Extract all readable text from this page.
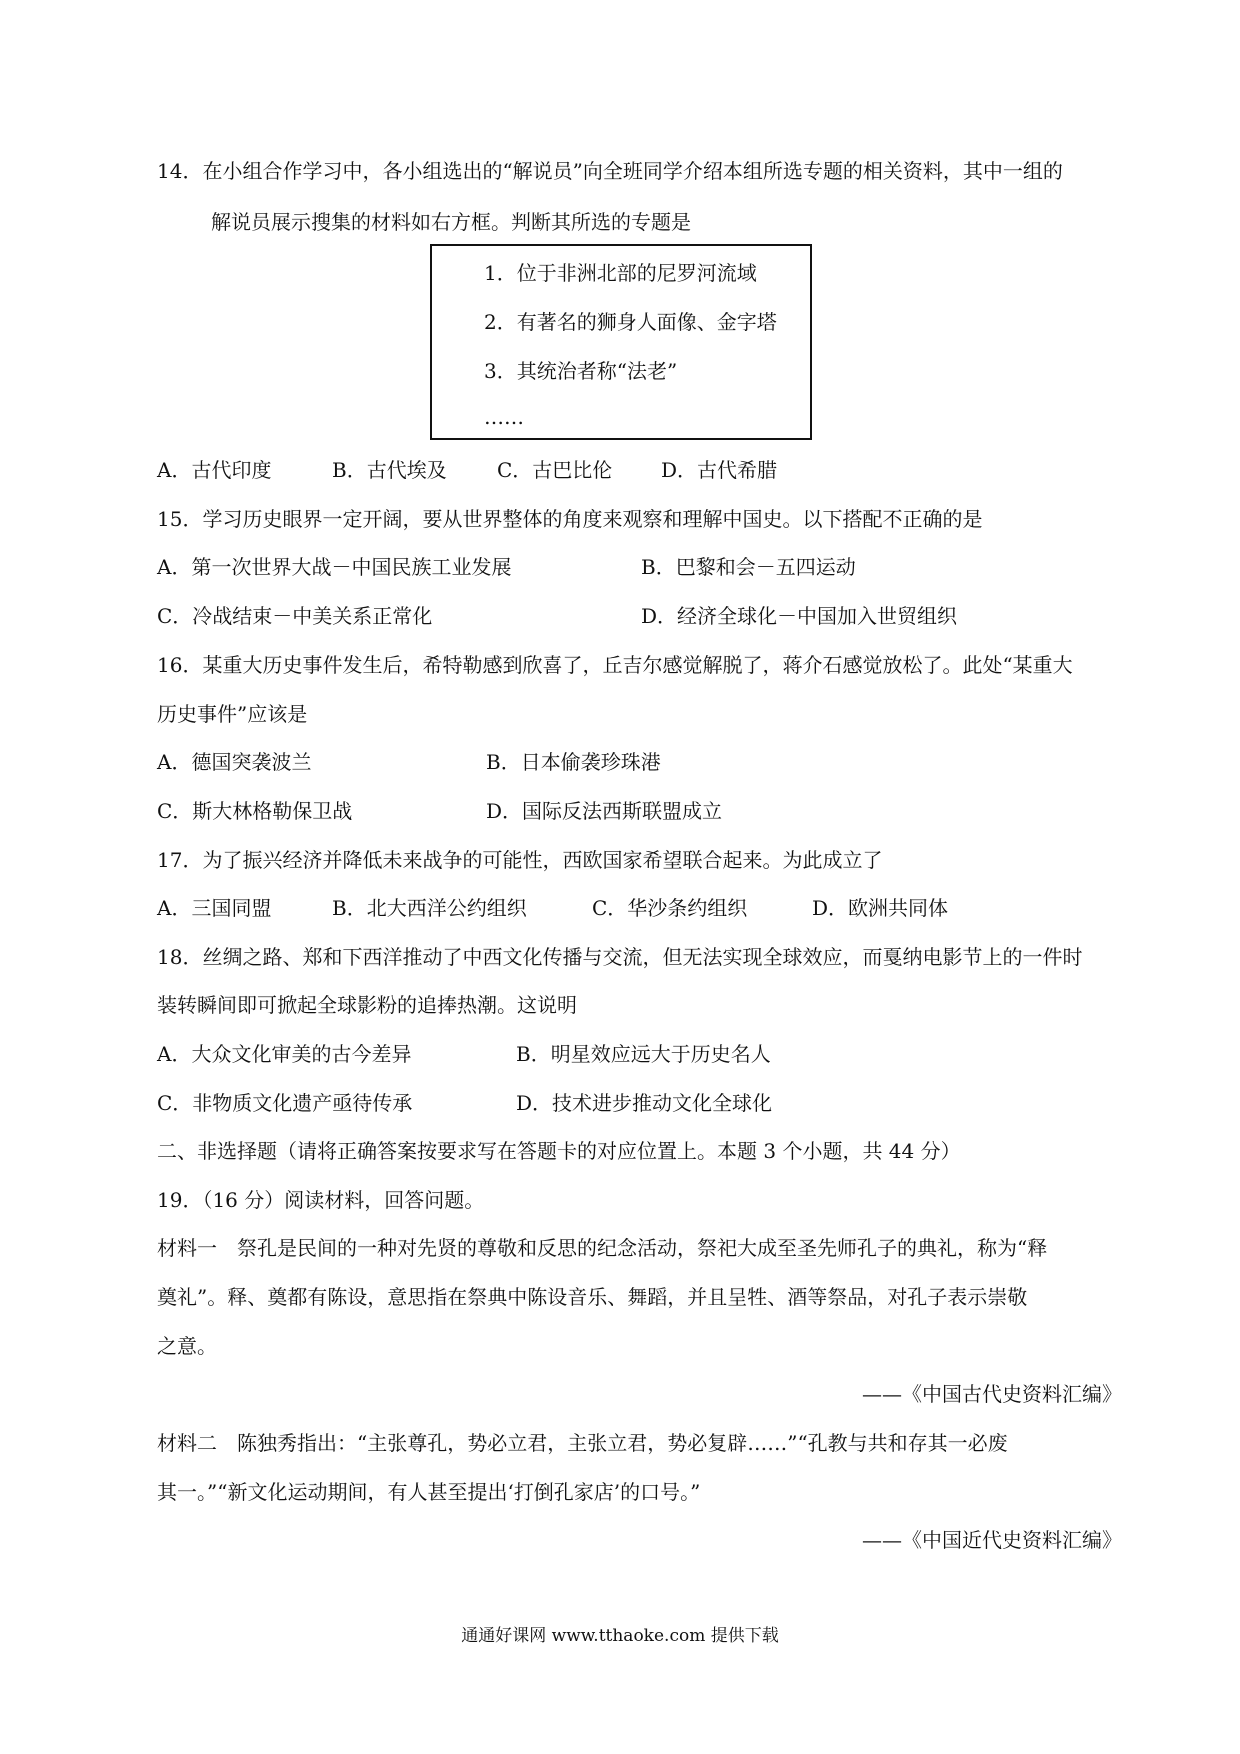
14．在小组合作学习中，各小组选出的“解说员”向全班同学介绍本组所选专题的相关资料，其中一组的
解说员展示搜集的材料如右方框。判断其所选的专题是
1．位于非洲北部的尼罗河流域
2．有著名的狮身人面像、金字塔
3．其统治者称“法老”
……
A．古代印度	B．古代埃及	C．古巴比伦 D．古代希腊
15．学习历史眼界一定开阔，要从世界整体的角度来观察和理解中国史。以下搭配不正确的是
A．第一次世界大战－中国民族工业发展	B．巴黎和会－五四运动
C．冷战结束－中美关系正常化	D．经济全球化－中国加入世贸组织
16．某重大历史事件发生后，希特勒感到欣喜了，丘吉尔感觉解脱了，蒋介石感觉放松了。此处“某重大
历史事件”应该是
A．德国突袭波兰	B．日本偷袭珍珠港
C．斯大林格勒保卫战	D．国际反法西斯联盟成立
17．为了振兴经济并降低未来战争的可能性，西欧国家希望联合起来。为此成立了
A．三国同盟	B．北大西洋公约组织	C．华沙条约组织	D．欧洲共同体
18．丝绸之路、郑和下西洋推动了中西文化传播与交流，但无法实现全球效应，而戛纳电影节上的一件时
装转瞬间即可掀起全球影粉的追捧热潮。这说明
A．大众文化审美的古今差异	B．明星效应远大于历史名人
C．非物质文化遗产亟待传承	D．技术进步推动文化全球化
二、非选择题（请将正确答案按要求写在答题卡的对应位置上。本题 3 个小题，共 44 分）
19．（16 分）阅读材料，回答问题。
材料一　祭孔是民间的一种对先贤的尊敬和反思的纪念活动，祭祀大成至圣先师孔子的典礼，称为“释
奠礼”。释、奠都有陈设，意思指在祭典中陈设音乐、舞蹈，并且呈牲、酒等祭品，对孔子表示崇敬
之意。
——《中国古代史资料汇编》
材料二　陈独秀指出：“主张尊孔，势必立君，主张立君，势必复辟……”“孔教与共和存其一必废
其一。”“新文化运动期间，有人甚至提出‘打倒孔家店’的口号。”
——《中国近代史资料汇编》
通通好课网 www.tthaoke.com 提供下载
